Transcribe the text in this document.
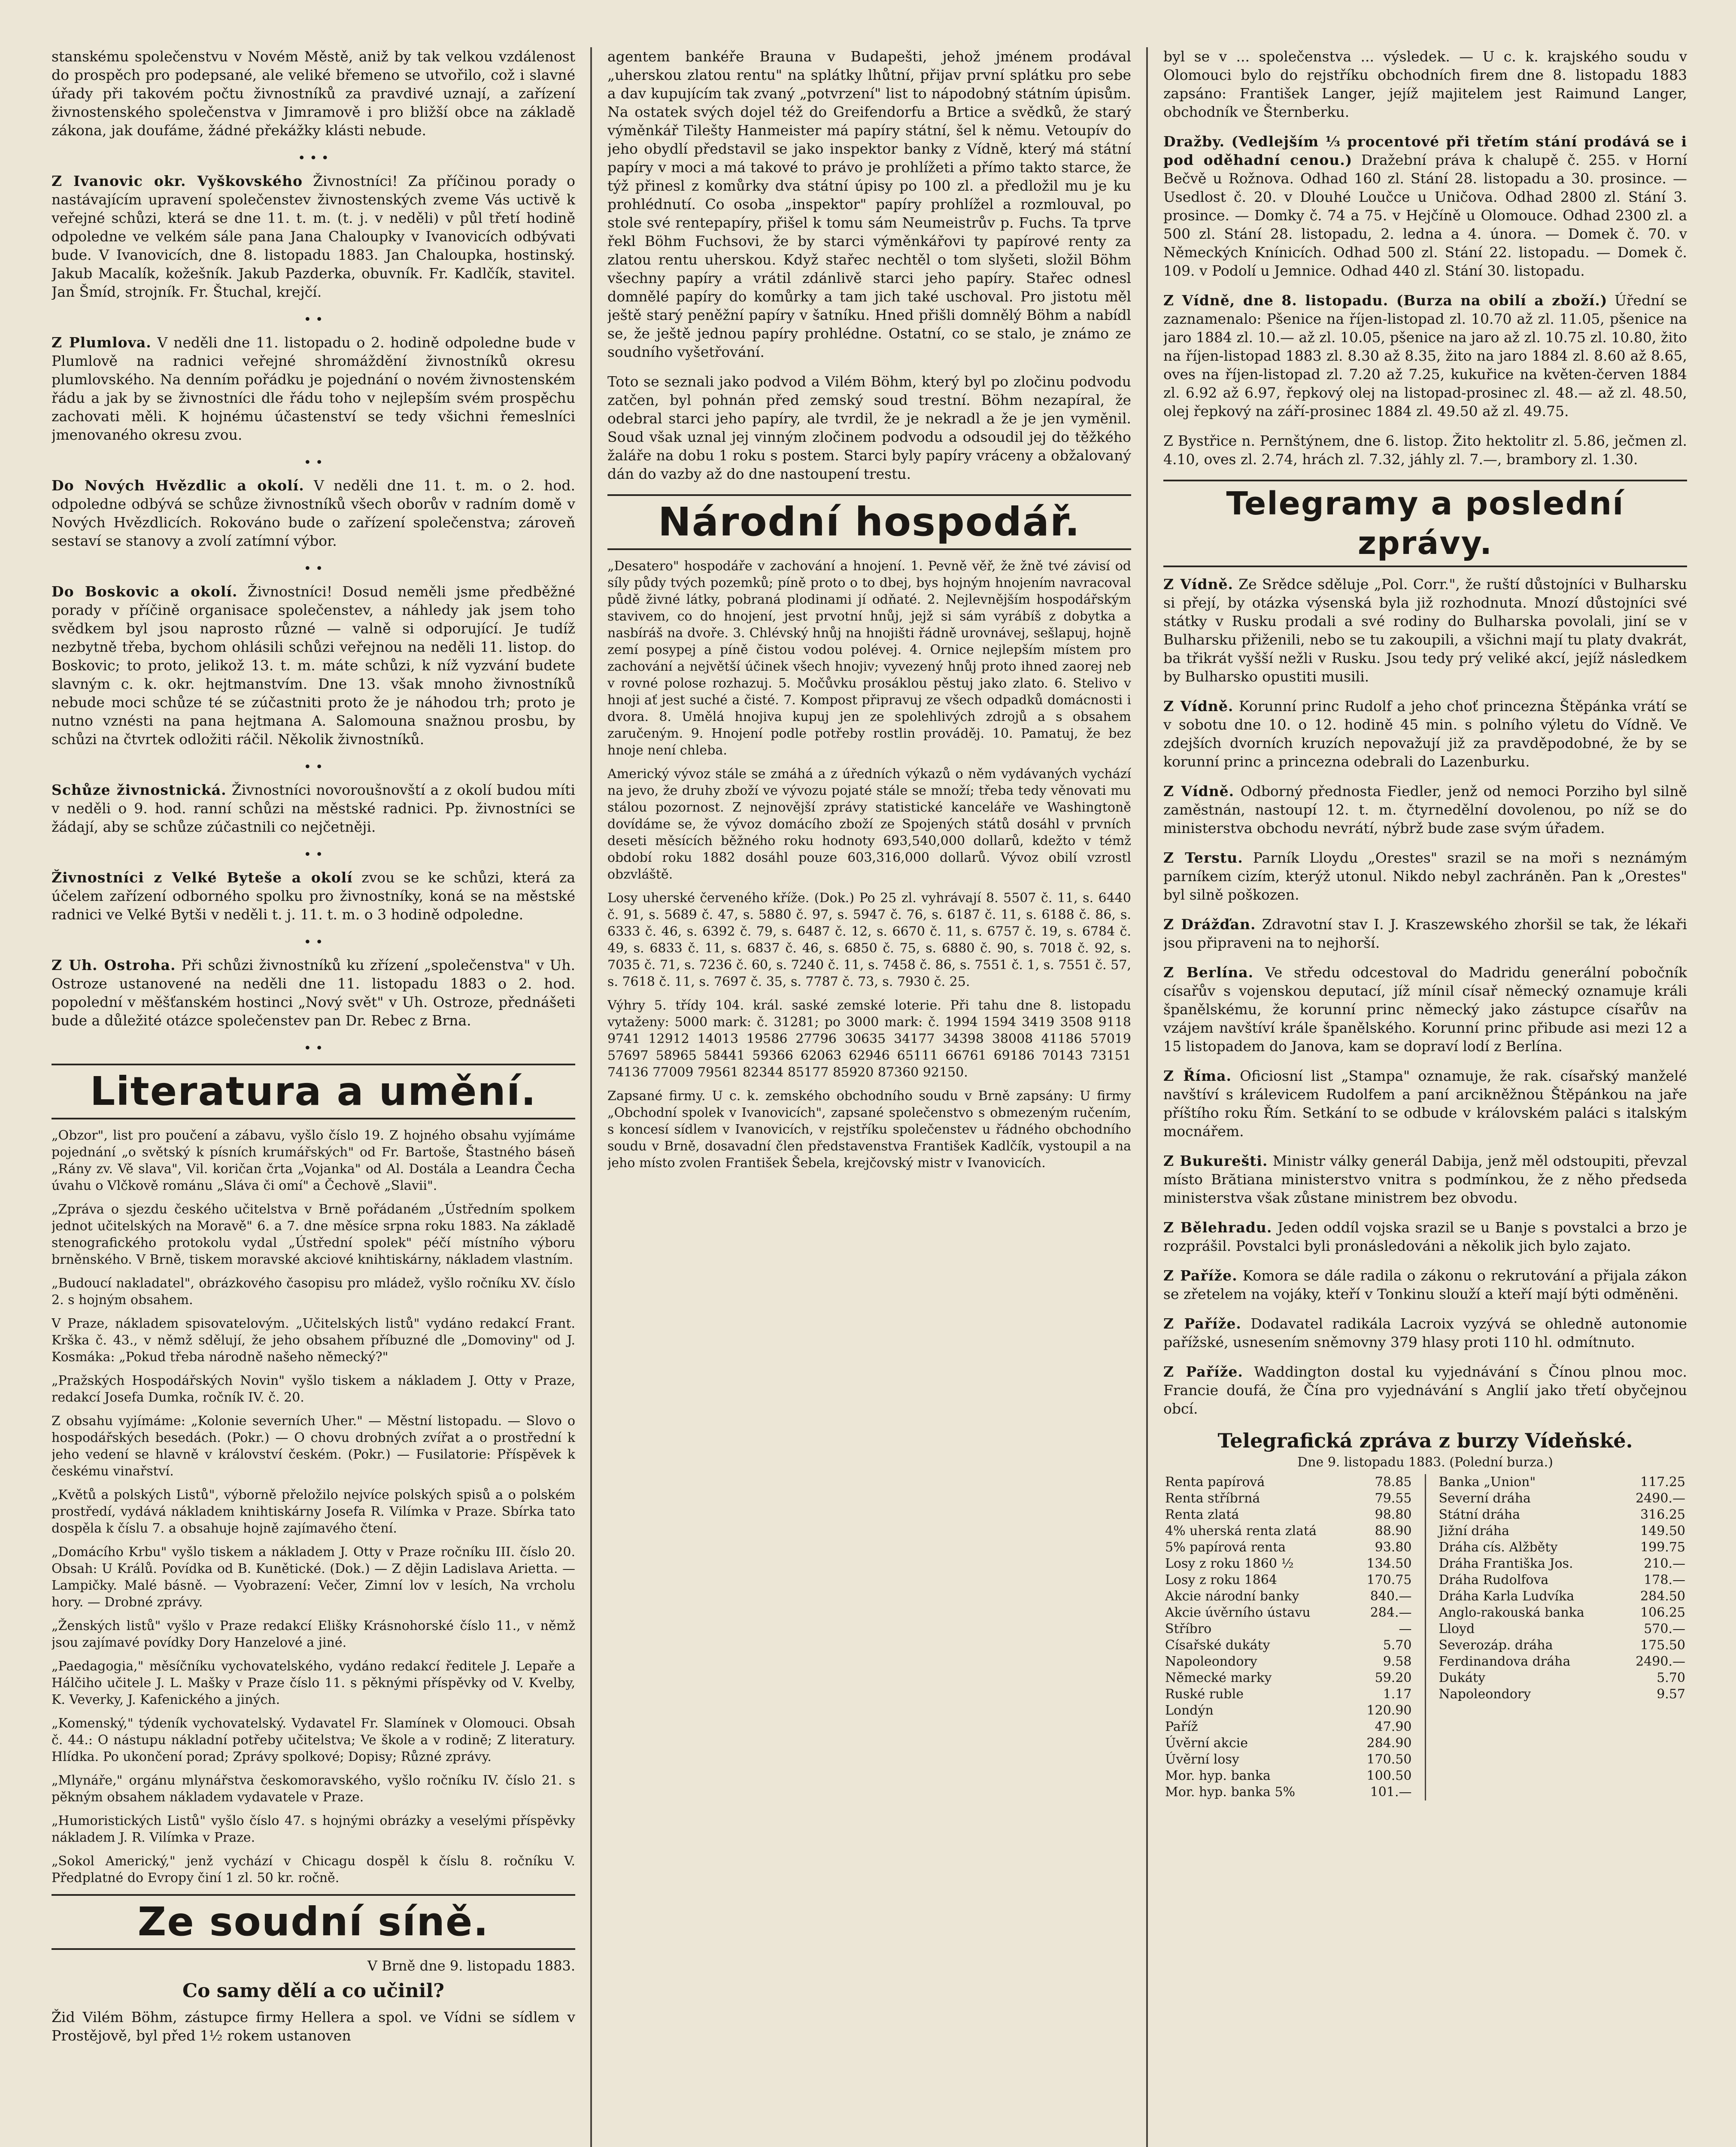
stanskému společenstvu v Novém Městě, aniž by tak velkou vzdálenost do prospěch pro podepsané, ale veliké břemeno se utvořilo, což i slavné úřady při takovém počtu živnostníků za pravdivé uznají, a zařízení živnostenského společenstva v Jimramově i pro bližší obce na základě zákona, jak doufáme, žádné překážky klásti nebude.

• • •

Z Ivanovic okr. Vyškovského Živnostníci! Za příčinou porady o nastávajícím upravení společenstev živnostenských zveme Vás uctivě k veřejné schůzi, která se dne 11. t. m. (t. j. v neděli) v půl třetí hodině odpoledne ve velkém sále pana Jana Chaloupky v Ivanovicích odbývati bude. V Ivanovicích, dne 8. listopadu 1883. Jan Chaloupka, hostinský. Jakub Macalík, kožešník. Jakub Pazderka, obuvník. Fr. Kadlčík, stavitel. Jan Šmíd, strojník. Fr. Štuchal, krejčí.

• •

Z Plumlova. V neděli dne 11. listopadu o 2. hodině odpoledne bude v Plumlově na radnici veřejné shromáždění živnostníků okresu plumlovského. Na denním pořádku je pojednání o novém živnostenském řádu a jak by se živnostníci dle řádu toho v nejlepším svém prospěchu zachovati měli. K hojnému účastenství se tedy všichni řemeslníci jmenovaného okresu zvou.

• •

Do Nových Hvězdlic a okolí. V neděli dne 11. t. m. o 2. hod. odpoledne odbývá se schůze živnostníků všech oborův v radním domě v Nových Hvězdlicích. Rokováno bude o zařízení společenstva; zároveň sestaví se stanovy a zvolí zatímní výbor.

• •

Do Boskovic a okolí. Živnostníci! Dosud neměli jsme předběžné porady v příčině organisace společenstev, a náhledy jak jsem toho svědkem byl jsou naprosto různé — valně si odporující. Je tudíž nezbytně třeba, bychom ohlásili schůzi veřejnou na neděli 11. listop. do Boskovic; to proto, jelikož 13. t. m. máte schůzi, k níž vyzvání budete slavným c. k. okr. hejtmanstvím. Dne 13. však mnoho živnostníků nebude moci schůze té se zúčastniti proto že je náhodou trh; proto je nutno vznésti na pana hejtmana A. Salomouna snažnou prosbu, by schůzi na čtvrtek odložiti ráčil. Několik živnostníků.

• •

Schůze živnostnická. Živnostníci novoroušnovští a z okolí budou míti v neděli o 9. hod. ranní schůzi na městské radnici. Pp. živnostníci se žádají, aby se schůze zúčastnili co nejčetněji.

• •

Živnostníci z Velké Byteše a okolí zvou se ke schůzi, která za účelem zařízení odborného spolku pro živnostníky, koná se na městské radnici ve Velké Bytši v neděli t. j. 11. t. m. o 3 hodině odpoledne.

• •

Z Uh. Ostroha. Při schůzi živnostníků ku zřízení „společenstva" v Uh. Ostroze ustanovené na neděli dne 11. listopadu 1883 o 2. hod. popolední v měšťanském hostinci „Nový svět" v Uh. Ostroze, přednášeti bude a důležité otázce společenstev pan Dr. Rebec z Brna.

• •
Literatura a umění.

„Obzor", list pro poučení a zábavu, vyšlo číslo 19. Z hojného obsahu vyjímáme pojednání „o světský k písních krumářských" od Fr. Bartoše, Štastného báseň „Rány zv. Vě slava", Vil. koričan črta „Vojanka" od Al. Dostála a Leandra Čecha úvahu o Vlčkově románu „Sláva či omí" a Čechově „Slavii".

„Zpráva o sjezdu českého učitelstva v Brně pořádaném „Ústředním spolkem jednot učitelských na Moravě" 6. a 7. dne měsíce srpna roku 1883. Na základě stenografického protokolu vydal „Ústřední spolek" péčí místního výboru brněnského. V Brně, tiskem moravské akciové knihtiskárny, nákladem vlastním.

„Budoucí nakladatel", obrázkového časopisu pro mládež, vyšlo ročníku XV. číslo 2. s hojným obsahem.

V Praze, nákladem spisovatelovým. „Učitelských listů" vydáno redakcí Frant. Krška č. 43., v němž sdělují, že jeho obsahem příbuzné dle „Domoviny" od J. Kosmáka: „Pokud třeba národně našeho německý?"

„Pražských Hospodářských Novin" vyšlo tiskem a nákladem J. Otty v Praze, redakcí Josefa Dumka, ročník IV. č. 20.

Z obsahu vyjímáme: „Kolonie severních Uher." — Městní listopadu. — Slovo o hospodářských besedách. (Pokr.) — O chovu drobných zvířat a o prostřední k jeho vedení se hlavně v království českém. (Pokr.) — Fusilatorie: Příspěvek k českému vinařství.

„Květů a polských Listů", výborně přeložilo nejvíce polských spisů a o polském prostředí, vydává nákladem knihtiskárny Josefa R. Vilímka v Praze. Sbírka tato dospěla k číslu 7. a obsahuje hojně zajímavého čtení.

„Domácího Krbu" vyšlo tiskem a nákladem J. Otty v Praze ročníku III. číslo 20. Obsah: U Králů. Povídka od B. Kunětické. (Dok.) — Z dějin Ladislava Arietta. — Lampičky. Malé básně. — Vyobrazení: Večer, Zimní lov v lesích, Na vrcholu hory. — Drobné zprávy.

„Ženských listů" vyšlo v Praze redakcí Elišky Krásnohorské číslo 11., v němž jsou zajímavé povídky Dory Hanzelové a jiné.

„Paedagogia," měsíčníku vychovatelského, vydáno redakcí ředitele J. Lepaře a Hálčiho učitele J. L. Mašky v Praze číslo 11. s pěknými příspěvky od V. Kvelby, K. Veverky, J. Kafenického a jiných.

„Komenský," týdeník vychovatelský. Vydavatel Fr. Slamínek v Olomouci. Obsah č. 44.: O nástupu nákladní potřeby učitelstva; Ve škole a v rodině; Z literatury. Hlídka. Po ukončení porad; Zprávy spolkové; Dopisy; Různé zprávy.

„Mlynáře," orgánu mlynářstva českomoravského, vyšlo ročníku IV. číslo 21. s pěkným obsahem nákladem vydavatele v Praze.

„Humoristických Listů" vyšlo číslo 47. s hojnými obrázky a veselými příspěvky nákladem J. R. Vilímka v Praze.

„Sokol Americký," jenž vychází v Chicagu dospěl k číslu 8. ročníku V. Předplatné do Evropy činí 1 zl. 50 kr. ročně.

Ze soudní síně.
V Brně dne 9. listopadu 1883.
Co samy dělí a co učinil?

Žid Vilém Böhm, zástupce firmy Hellera a spol. ve Vídni se sídlem v Prostějově, byl před 1½ rokem ustanoven

agentem bankéře Brauna v Budapešti, jehož jménem prodával „uherskou zlatou rentu" na splátky lhůtní, přijav první splátku pro sebe a dav kupujícím tak zvaný „potvrzení" list to nápodobný státním úpisům. Na ostatek svých dojel též do Greifendorfu a Brtice a svědků, že starý výměnkář Tilešty Hanmeister má papíry státní, šel k němu. Vetoupív do jeho obydlí představil se jako inspektor banky z Vídně, který má státní papíry v moci a má takové to právo je prohlížeti a přímo takto starce, že týž přinesl z komůrky dva státní úpisy po 100 zl. a předložil mu je ku prohlédnutí. Co osoba „inspektor" papíry prohlížel a rozmlouval, po stole své rentepapíry, přišel k tomu sám Neumeistrův p. Fuchs. Ta tprve řekl Böhm Fuchsovi, že by starci výměnkářovi ty papírové renty za zlatou rentu uherskou. Když stařec nechtěl o tom slyšeti, složil Böhm všechny papíry a vrátil zdánlivě starci jeho papíry. Stařec odnesl domnělé papíry do komůrky a tam jich také uschoval. Pro jistotu měl ještě starý peněžní papíry v šatníku. Hned přišli domnělý Böhm a nabídl se, že ještě jednou papíry prohlédne. Ostatní, co se stalo, je známo ze soudního vyšetřování.

Toto se seznali jako podvod a Vilém Böhm, který byl po zločinu podvodu zatčen, byl pohnán před zemský soud trestní. Böhm nezapíral, že odebral starci jeho papíry, ale tvrdil, že je nekradl a že je jen vyměnil. Soud však uznal jej vinným zločinem podvodu a odsoudil jej do těžkého žaláře na dobu 1 roku s postem. Starci byly papíry vráceny a obžalovaný dán do vazby až do dne nastoupení trestu.

Národní hospodář.

„Desatero" hospodáře v zachování a hnojení. 1. Pevně věř, že žně tvé závisí od síly půdy tvých pozemků; píně proto o to dbej, bys hojným hnojením navracoval půdě živné látky, pobraná plodinami jí odňaté. 2. Nejlevnějším hospodářským stavivem, co do hnojení, jest prvotní hnůj, jejž si sám vyrábíš z dobytka a nasbíráš na dvoře. 3. Chlévský hnůj na hnojišti řádně urovnávej, sešlapuj, hojně zemí posypej a píně čistou vodou polévej. 4. Ornice nejlepším místem pro zachování a největší účinek všech hnojiv; vyvezený hnůj proto ihned zaorej neb v rovné polose rozhazuj. 5. Močůvku prosáklou pěstuj jako zlato. 6. Stelivo v hnoji ať jest suché a čisté. 7. Kompost připravuj ze všech odpadků domácnosti i dvora. 8. Umělá hnojiva kupuj jen ze spolehlivých zdrojů a s obsahem zaručeným. 9. Hnojení podle potřeby rostlin prováděj. 10. Pamatuj, že bez hnoje není chleba.

Americký vývoz stále se zmáhá a z úředních výkazů o něm vydávaných vychází na jevo, že druhy zboží ve vývozu pojaté stále se množí; třeba tedy věnovati mu stálou pozornost. Z nejnovější zprávy statistické kanceláře ve Washingtoně dovídáme se, že vývoz domácího zboží ze Spojených států dosáhl v prvních deseti měsících běžného roku hodnoty 693,540,000 dollarů, kdežto v témž období roku 1882 dosáhl pouze 603,316,000 dollarů. Vývoz obilí vzrostl obzvláště.

Losy uherské červeného kříže. (Dok.) Po 25 zl. vyhrávají 8. 5507 č. 11, s. 6440 č. 91, s. 5689 č. 47, s. 5880 č. 97, s. 5947 č. 76, s. 6187 č. 11, s. 6188 č. 86, s. 6333 č. 46, s. 6392 č. 79, s. 6487 č. 12, s. 6670 č. 11, s. 6757 č. 19, s. 6784 č. 49, s. 6833 č. 11, s. 6837 č. 46, s. 6850 č. 75, s. 6880 č. 90, s. 7018 č. 92, s. 7035 č. 71, s. 7236 č. 60, s. 7240 č. 11, s. 7458 č. 86, s. 7551 č. 1, s. 7551 č. 57, s. 7618 č. 11, s. 7697 č. 35, s. 7787 č. 73, s. 7930 č. 25.

Výhry 5. třídy 104. král. saské zemské loterie. Při tahu dne 8. listopadu vytaženy: 5000 mark: č. 31281; po 3000 mark: č. 1994 1594 3419 3508 9118 9741 12912 14013 19586 27796 30635 34177 34398 38008 41186 57019 57697 58965 58441 59366 62063 62946 65111 66761 69186 70143 73151 74136 77009 79561 82344 85177 85920 87360 92150.

Zapsané firmy. U c. k. zemského obchodního soudu v Brně zapsány: U firmy „Obchodní spolek v Ivanovicích", zapsané společenstvo s obmezeným ručením, s koncesí sídlem v Ivanovicích, v rejstříku společenstev u řádného obchodního soudu v Brně, dosavadní člen představenstva František Kadlčík, vystoupil a na jeho místo zvolen František Šebela, krejčovský mistr v Ivanovicích.

byl se v ... společenstva ... výsledek. — U c. k. krajského soudu v Olomouci bylo do rejstříku obchodních firem dne 8. listopadu 1883 zapsáno: František Langer, jejíž majitelem jest Raimund Langer, obchodník ve Šternberku.

Dražby. (Vedlejším ⅓ procentové při třetím stání prodává se i pod oděhadní cenou.) Dražební práva k chalupě č. 255. v Horní Bečvě u Rožnova. Odhad 160 zl. Stání 28. listopadu a 30. prosince. — Usedlost č. 20. v Dlouhé Loučce u Uničova. Odhad 2800 zl. Stání 3. prosince. — Domky č. 74 a 75. v Hejčíně u Olomouce. Odhad 2300 zl. a 500 zl. Stání 28. listopadu, 2. ledna a 4. února. — Domek č. 70. v Německých Knínicích. Odhad 500 zl. Stání 22. listopadu. — Domek č. 109. v Podolí u Jemnice. Odhad 440 zl. Stání 30. listopadu.

Z Vídně, dne 8. listopadu. (Burza na obilí a zboží.) Úřední se zaznamenalo: Pšenice na říjen-listopad zl. 10.70 až zl. 11.05, pšenice na jaro 1884 zl. 10.— až zl. 10.05, pšenice na jaro až zl. 10.75 zl. 10.80, žito na říjen-listopad 1883 zl. 8.30 až 8.35, žito na jaro 1884 zl. 8.60 až 8.65, oves na říjen-listopad zl. 7.20 až 7.25, kukuřice na květen-červen 1884 zl. 6.92 až 6.97, řepkový olej na listopad-prosinec zl. 48.— až zl. 48.50, olej řepkový na září-prosinec 1884 zl. 49.50 až zl. 49.75.

Z Bystřice n. Pernštýnem, dne 6. listop. Žito hektolitr zl. 5.86, ječmen zl. 4.10, oves zl. 2.74, hrách zl. 7.32, jáhly zl. 7.—, brambory zl. 1.30.

Telegramy a poslední zprávy.

Z Vídně. Ze Srědce sděluje „Pol. Corr.", že ruští důstojníci v Bulharsku si přejí, by otázka výsenská byla již rozhodnuta. Mnozí důstojníci své státky v Rusku prodali a své rodiny do Bulharska povolali, jiní se v Bulharsku přiženili, nebo se tu zakoupili, a všichni mají tu platy dvakrát, ba třikrát vyšší nežli v Rusku. Jsou tedy prý veliké akcí, jejíž následkem by Bulharsko opustiti musili.

Z Vídně. Korunní princ Rudolf a jeho choť princezna Štěpánka vrátí se v sobotu dne 10. o 12. hodině 45 min. s polního výletu do Vídně. Ve zdejších dvorních kruzích nepovažují již za pravděpodobné, že by se korunní princ a princezna odebrali do Lazenburku.

Z Vídně. Odborný přednosta Fiedler, jenž od nemoci Porziho byl silně zaměstnán, nastoupí 12. t. m. čtyrnedělní dovolenou, po níž se do ministerstva obchodu nevrátí, nýbrž bude zase svým úřadem.

Z Terstu. Parník Lloydu „Orestes" srazil se na moři s neznámým parníkem cizím, kterýž utonul. Nikdo nebyl zachráněn. Pan k „Orestes" byl silně poškozen.

Z Drážďan. Zdravotní stav I. J. Kraszewského zhoršil se tak, že lékaři jsou připraveni na to nejhorší.

Z Berlína. Ve středu odcestoval do Madridu generální pobočník císařův s vojenskou deputací, jíž mínil císař německý oznamuje králi španělskému, že korunní princ německý jako zástupce císařův na vzájem navštíví krále španělského. Korunní princ přibude asi mezi 12 a 15 listopadem do Janova, kam se dopraví lodí z Berlína.

Z Říma. Oficiosní list „Stampa" oznamuje, že rak. císařský manželé navštíví s králevicem Rudolfem a paní arcikněžnou Štěpánkou na jaře příštího roku Řím. Setkání to se odbude v královském paláci s italským mocnářem.

Z Bukurešti. Ministr války generál Dabija, jenž měl odstoupiti, převzal místo Brătiana ministerstvo vnitra s podmínkou, že z něho předseda ministerstva však zůstane ministrem bez obvodu.

Z Bělehradu. Jeden oddíl vojska srazil se u Banje s povstalci a brzo je rozprášil. Povstalci byli pronásledováni a několik jich bylo zajato.

Z Paříže. Komora se dále radila o zákonu o rekrutování a přijala zákon se zřetelem na vojáky, kteří v Tonkinu slouží a kteří mají býti odměněni.

Z Paříže. Dodavatel radikála Lacroix vyzývá se ohledně autonomie pařížské, usnesením sněmovny 379 hlasy proti 110 hl. odmítnuto.

Z Paříže. Waddington dostal ku vyjednávání s Čínou plnou moc. Francie doufá, že Čína pro vyjednávání s Anglií jako třetí obyčejnou obcí.

Telegrafická zpráva z burzy Vídeňské.
Dne 9. listopadu 1883. (Polední burza.)
Renta papírová	78.85
Renta stříbrná	79.55
Renta zlatá	98.80
4% uherská renta zlatá	88.90
5% papírová renta	93.80
Losy z roku 1860 ½	134.50
Losy z roku 1864	170.75
Akcie národní banky	840.—
Akcie úvěrního ústavu	284.—
Stříbro	—
Císařské dukáty	5.70
Napoleondory	9.58
Německé marky	59.20
Ruské ruble	1.17
Londýn	120.90
Paříž	47.90
Úvěrní akcie	284.90
Úvěrní losy	170.50
Mor. hyp. banka	100.50
Mor. hyp. banka 5%	101.—
Banka „Union"	117.25
Severní dráha	2490.—
Státní dráha	316.25
Jižní dráha	149.50
Dráha cís. Alžběty	199.75
Dráha Františka Jos.	210.—
Dráha Rudolfova	178.—
Dráha Karla Ludvíka	284.50
Anglo-rakouská banka	106.25
Lloyd	570.—
Severozáp. dráha	175.50
Ferdinandova dráha	2490.—
Dukáty	5.70
Napoleondory	9.57
